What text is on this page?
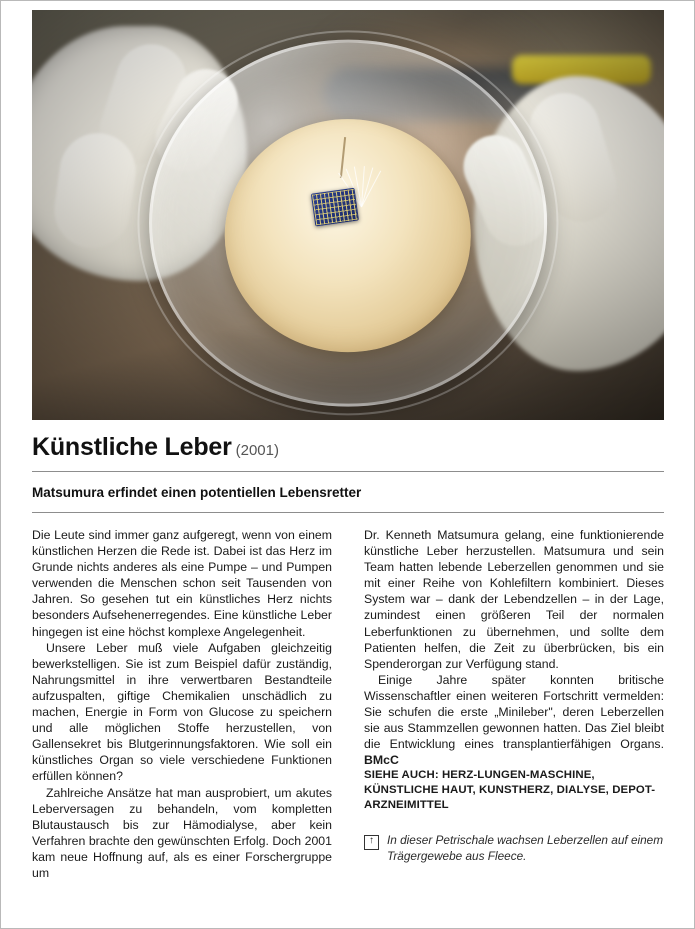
Künstliche Leber (2001)
Matsumura erfindet einen potentiellen Lebensretter

Die Leute sind immer ganz aufgeregt, wenn von einem künstlichen Herzen die Rede ist. Dabei ist das Herz im Grunde nichts anderes als eine Pumpe – und Pumpen verwenden die Menschen schon seit Tausenden von Jahren. So gesehen tut ein künstliches Herz nichts besonders Aufsehenerregendes. Eine künstliche Leber hingegen ist eine höchst komplexe Angelegenheit.

Unsere Leber muß viele Aufgaben gleichzeitig bewerkstelligen. Sie ist zum Beispiel dafür zuständig, Nahrungsmittel in ihre verwertbaren Bestandteile aufzuspalten, giftige Chemikalien unschädlich zu machen, Energie in Form von Glucose zu speichern und alle möglichen Stoffe herzustellen, von Gallensekret bis Blutgerinnungsfaktoren. Wie soll ein künstliches Organ so viele verschiedene Funktionen erfüllen können?

Zahlreiche Ansätze hat man ausprobiert, um akutes Leberversagen zu behandeln, vom kompletten Blutaustausch bis zur Hämodialyse, aber kein Verfahren brachte den gewünschten Erfolg. Doch 2001 kam neue Hoffnung auf, als es einer Forschergruppe um

Dr. Kenneth Matsumura gelang, eine funktionierende künstliche Leber herzustellen. Matsumura und sein Team hatten lebende Leberzellen genommen und sie mit einer Reihe von Kohlefiltern kombiniert. Dieses System war – dank der Lebendzellen – in der Lage, zumindest einen größeren Teil der normalen Leberfunktionen zu übernehmen, und sollte dem Patienten helfen, die Zeit zu überbrücken, bis ein Spenderorgan zur Verfügung stand.

Einige Jahre später konnten britische Wissenschaftler einen weiteren Fortschritt vermelden: Sie schufen die erste „Minileber", deren Leberzellen sie aus Stammzellen gewonnen hatten. Das Ziel bleibt die Entwicklung eines transplantierfähigen Organs. BMcC

SIEHE AUCH: HERZ-LUNGEN-MASCHINE, KÜNSTLICHE HAUT, KUNSTHERZ, DIALYSE, DEPOT-ARZNEIMITTEL

↑
In dieser Petrischale wachsen Leberzellen auf einem Trägergewebe aus Fleece.
